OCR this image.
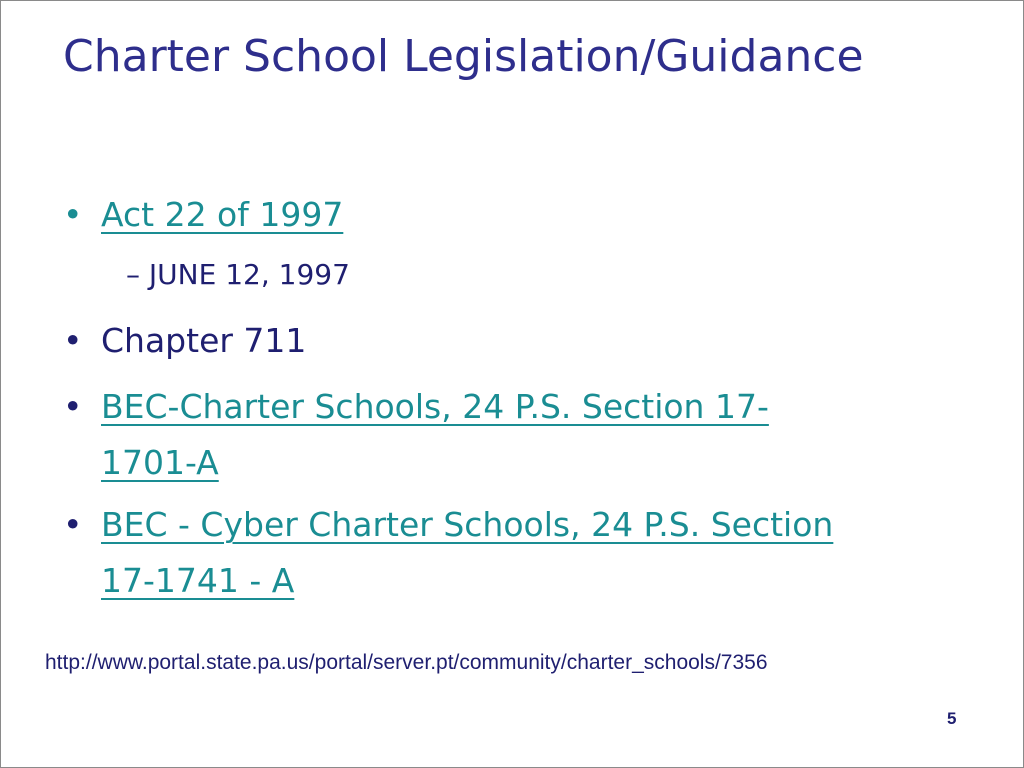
Charter School Legislation/Guidance
• Act 22 of 1997
– JUNE 12, 1997
• Chapter 711
• BEC-Charter Schools, 24 P.S. Section 17-
1701-A
• BEC - Cyber Charter Schools, 24 P.S. Section
17-1741 - A
http://www.portal.state.pa.us/portal/server.pt/community/charter_schools/7356
5
